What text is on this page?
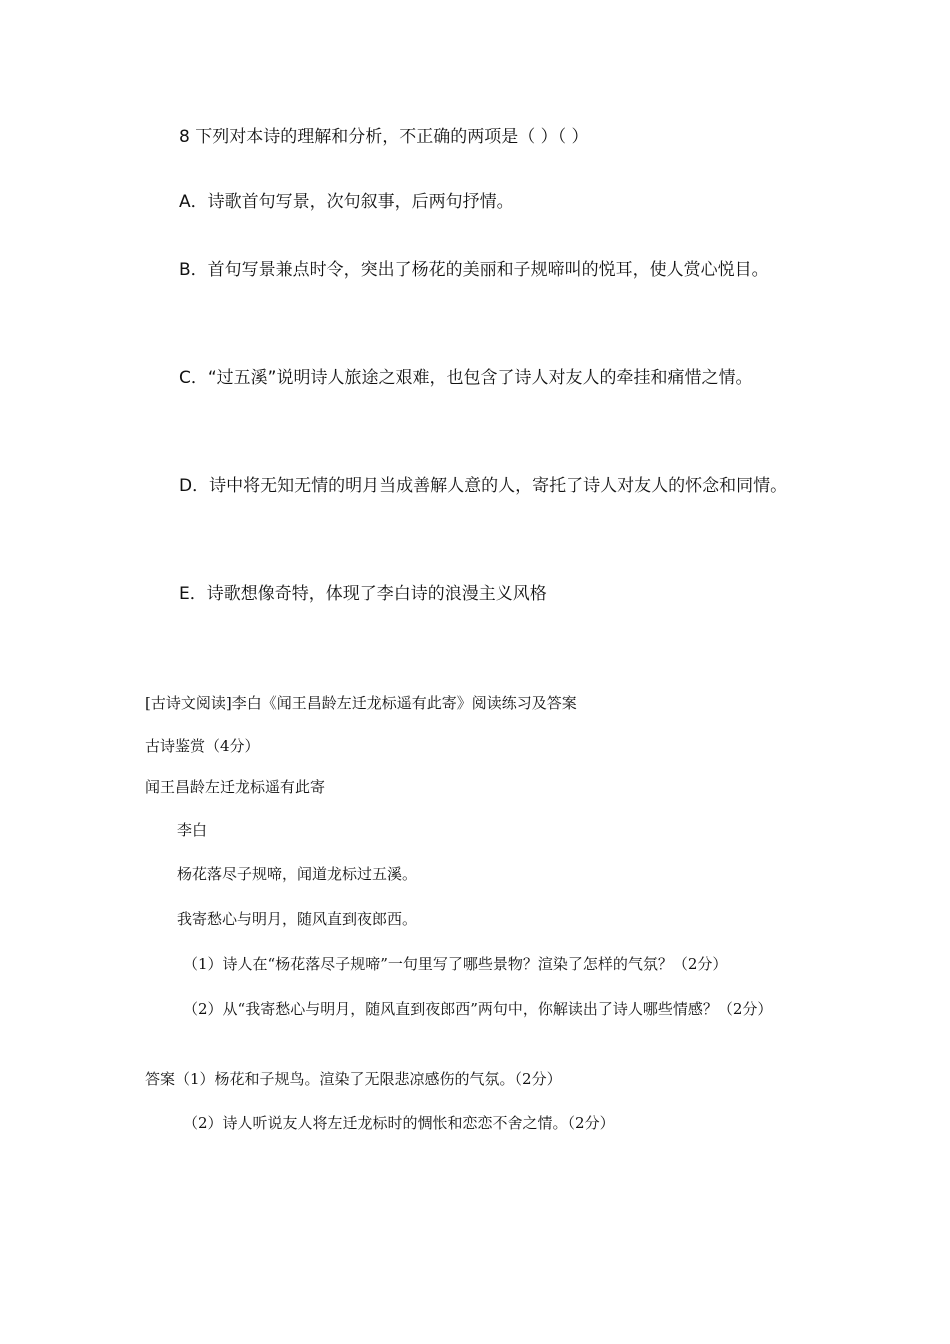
8 下列对本诗的理解和分析，不正确的两项是（ ）（ ）

A．诗歌首句写景，次句叙事，后两句抒情。

B．首句写景兼点时令，突出了杨花的美丽和子规啼叫的悦耳，使人赏心悦目。

C．“过五溪”说明诗人旅途之艰难，也包含了诗人对友人的牵挂和痛惜之情。

D．诗中将无知无情的明月当成善解人意的人，寄托了诗人对友人的怀念和同情。

E．诗歌想像奇特，体现了李白诗的浪漫主义风格

[古诗文阅读]李白《闻王昌龄左迁龙标遥有此寄》阅读练习及答案

古诗鉴赏（4分）

闻王昌龄左迁龙标遥有此寄

李白

杨花落尽子规啼，闻道龙标过五溪。

我寄愁心与明月，随风直到夜郎西。

（1）诗人在“杨花落尽子规啼”一句里写了哪些景物？渲染了怎样的气氛？（2分）

（2）从“我寄愁心与明月，随风直到夜郎西”两句中，你解读出了诗人哪些情感？（2分）

答案（1）杨花和子规鸟。渲染了无限悲凉感伤的气氛。（2分）

（2）诗人听说友人将左迁龙标时的惆怅和恋恋不舍之情。（2分）
